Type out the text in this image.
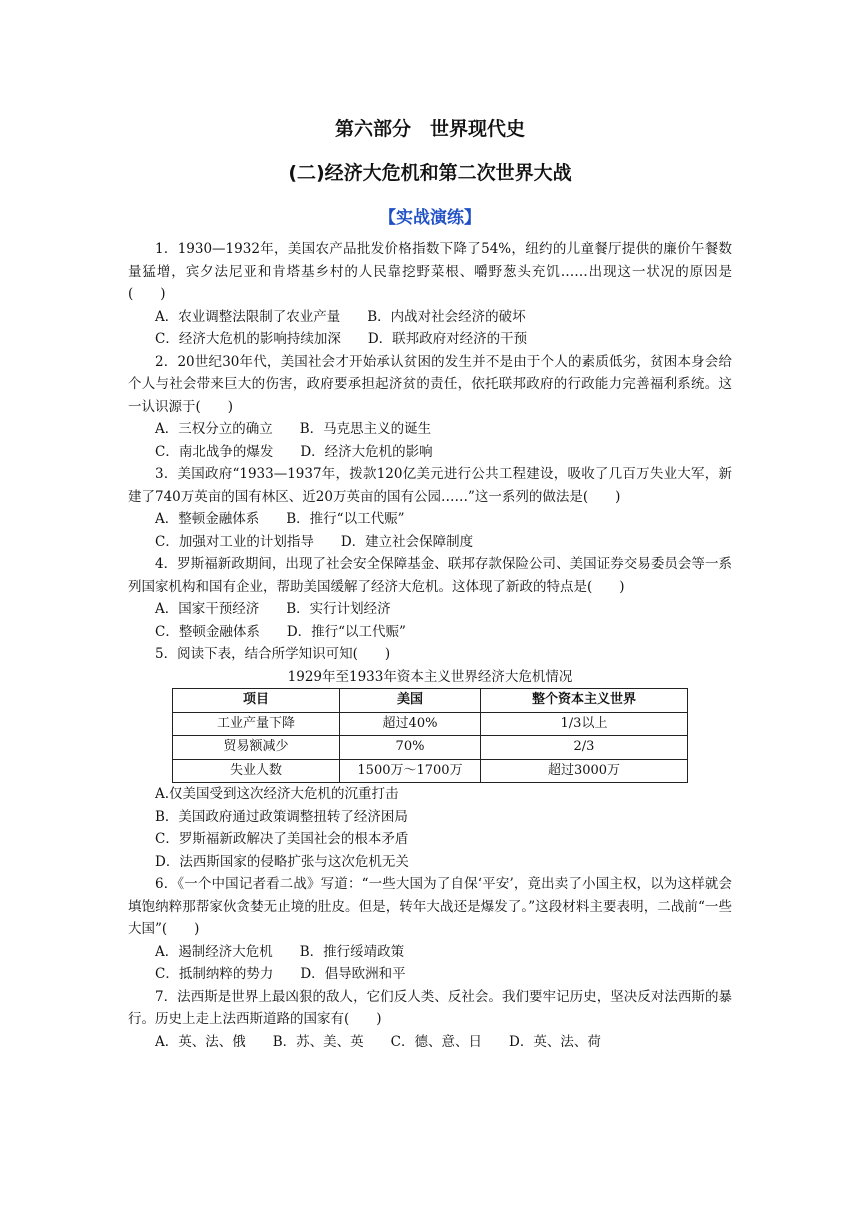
第六部分　世界现代史
(二)经济大危机和第二次世界大战
【实战演练】

1．1930—1932年，美国农产品批发价格指数下降了54%，纽约的儿童餐厅提供的廉价午餐数量猛增，宾夕法尼亚和肯塔基乡村的人民靠挖野菜根、嚼野葱头充饥……出现这一状况的原因是(　　)

A．农业调整法限制了农业产量　　B．内战对社会经济的破坏

C．经济大危机的影响持续加深　　D．联邦政府对经济的干预

2．20世纪30年代，美国社会才开始承认贫困的发生并不是由于个人的素质低劣，贫困本身会给个人与社会带来巨大的伤害，政府要承担起济贫的责任，依托联邦政府的行政能力完善福利系统。这一认识源于(　　)

A．三权分立的确立　　B．马克思主义的诞生

C．南北战争的爆发　　D．经济大危机的影响

3．美国政府“1933—1937年，拨款120亿美元进行公共工程建设，吸收了几百万失业大军，新建了740万英亩的国有林区、近20万英亩的国有公园……”这一系列的做法是(　　)

A．整顿金融体系　　B．推行“以工代赈”

C．加强对工业的计划指导　　D．建立社会保障制度

4．罗斯福新政期间，出现了社会安全保障基金、联邦存款保险公司、美国证券交易委员会等一系列国家机构和国有企业，帮助美国缓解了经济大危机。这体现了新政的特点是(　　)

A．国家干预经济　　B．实行计划经济

C．整顿金融体系　　D．推行“以工代赈”

5．阅读下表，结合所学知识可知(　　)

1929年至1933年资本主义世界经济大危机情况

项目	美国	整个资本主义世界
工业产量下降	超过40%	1/3以上
贸易额减少	70%	2/3
失业人数	1500万～1700万	超过3000万

A.仅美国受到这次经济大危机的沉重打击

B．美国政府通过政策调整扭转了经济困局

C．罗斯福新政解决了美国社会的根本矛盾

D．法西斯国家的侵略扩张与这次危机无关

6．《一个中国记者看二战》写道：“一些大国为了自保‘平安’，竟出卖了小国主权，以为这样就会填饱纳粹那帮家伙贪婪无止境的肚皮。但是，转年大战还是爆发了。”这段材料主要表明，二战前“一些大国”(　　)

A．遏制经济大危机　　B．推行绥靖政策

C．抵制纳粹的势力　　D．倡导欧洲和平

7．法西斯是世界上最凶狠的敌人，它们反人类、反社会。我们要牢记历史，坚决反对法西斯的暴行。历史上走上法西斯道路的国家有(　　)

A．英、法、俄　　B．苏、美、英　　C．德、意、日　　D．英、法、荷
